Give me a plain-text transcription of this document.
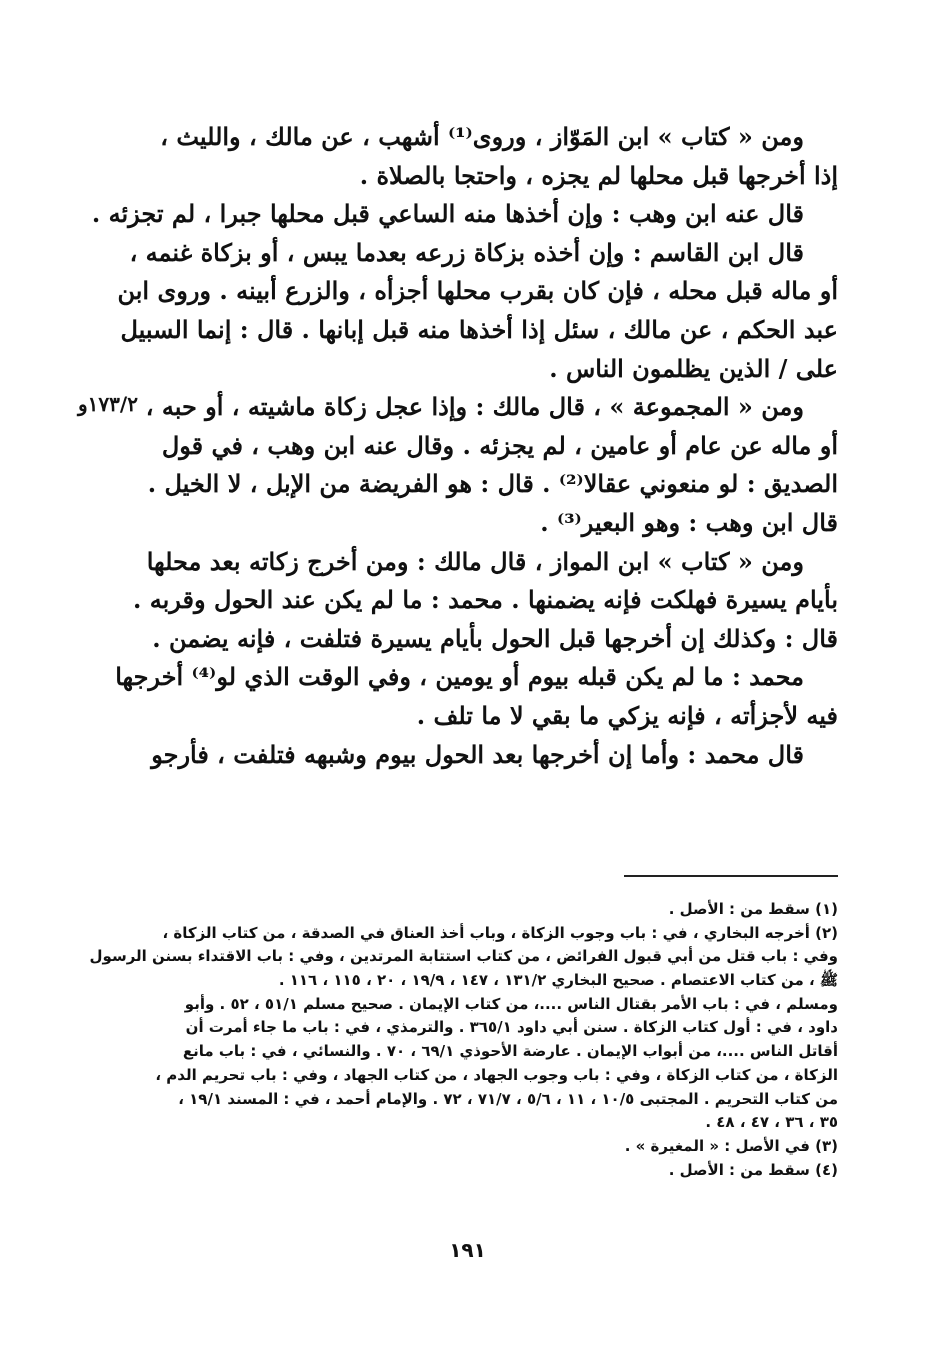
ومن « كتاب » ابن المَوّاز ، وروى⁽¹⁾ أشهب ، عن مالك ، والليث ،
إذا أخرجها قبل محلها لم يجزه ، واحتجا بالصلاة .
قال عنه ابن وهب : وإن أخذها منه الساعي قبل محلها جبرا ، لم تجزئه .
قال ابن القاسم : وإن أخذه بزكاة زرعه بعدما يبس ، أو بزكاة غنمه ،
أو ماله قبل محله ، فإن كان بقرب محلها أجزأه ، والزرع أبينه . وروى ابن
عبد الحكم ، عن مالك ، سئل إذا أخذها منه قبل إبانها . قال : إنما السبيل
على / الذين يظلمون الناس .
ومن « المجموعة » ، قال مالك : وإذا عجل زكاة ماشيته ، أو حبه ،
أو ماله عن عام أو عامين ، لم يجزئه . وقال عنه ابن وهب ، في قول
الصديق : لو منعوني عقالا⁽²⁾ . قال : هو الفريضة من الإبل ، لا الخيل .
قال ابن وهب : وهو البعير⁽³⁾ .
ومن « كتاب » ابن المواز ، قال مالك : ومن أخرج زكاته بعد محلها
بأيام يسيرة فهلكت فإنه يضمنها . محمد : ما لم يكن عند الحول وقربه .
قال : وكذلك إن أخرجها قبل الحول بأيام يسيرة فتلفت ، فإنه يضمن .
محمد : ما لم يكن قبله بيوم أو يومين ، وفي الوقت الذي لو⁽⁴⁾ أخرجها
فيه لأجزأته ، فإنه يزكي ما بقي لا ما تلف .
قال محمد : وأما إن أخرجها بعد الحول بيوم وشبهه فتلفت ، فأرجو
١٧٣/٢و
(١) سقط من : الأصل .
(٢) أخرجه البخاري ، في : باب وجوب الزكاة ، وباب أخذ العناق في الصدقة ، من كتاب الزكاة ،
وفي : باب قتل من أبي قبول الفرائض ، من كتاب استتابة المرتدين ، وفي : باب الاقتداء بسنن الرسول
ﷺ ، من كتاب الاعتصام . صحيح البخاري ١٣١/٢ ، ١٤٧ ، ١٩/٩ ، ٢٠ ، ١١٥ ، ١١٦ .
ومسلم ، في : باب الأمر بقتال الناس ....، من كتاب الإيمان . صحيح مسلم ٥١/١ ، ٥٢ . وأبو
داود ، في : أول كتاب الزكاة . سنن أبي داود ٣٦٥/١ . والترمذي ، في : باب ما جاء أمرت أن
أقاتل الناس ....، من أبواب الإيمان . عارضة الأحوذي ٦٩/١ ، ٧٠ . والنسائي ، في : باب مانع
الزكاة ، من كتاب الزكاة ، وفي : باب وجوب الجهاد ، من كتاب الجهاد ، وفي : باب تحريم الدم ،
من كتاب التحريم . المجتبى ١٠/٥ ، ١١ ، ٥/٦ ، ٧١/٧ ، ٧٢ . والإمام أحمد ، في : المسند ١٩/١ ،
٣٥ ، ٣٦ ، ٤٧ ، ٤٨ .
(٣) في الأصل : « المغيرة » .
(٤) سقط من : الأصل .
١٩١
